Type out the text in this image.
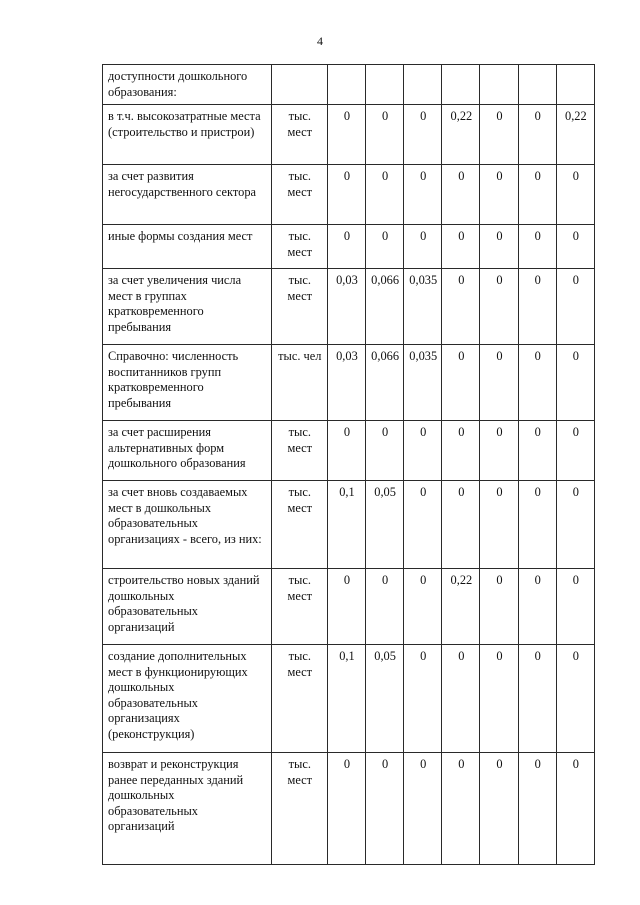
4
доступности дошкольного образования:								
в т.ч. высокозатратные места (строительство и пристрои)	тыс. мест	0	0	0	0,22	0	0	0,22
за счет развития негосударственного сектора	тыс. мест	0	0	0	0	0	0	0
иные формы создания мест	тыс. мест	0	0	0	0	0	0	0
за счет увеличения числа мест в группах кратковременного пребывания	тыс. мест	0,03	0,066	0,035	0	0	0	0
Справочно: численность воспитанников групп кратковременного пребывания	тыс. чел	0,03	0,066	0,035	0	0	0	0
за счет расширения альтернативных форм дошкольного образования	тыс. мест	0	0	0	0	0	0	0
за счет вновь создаваемых мест в дошкольных образовательных организациях - всего, из них:	тыс. мест	0,1	0,05	0	0	0	0	0
строительство новых зданий дошкольных образовательных организаций	тыс. мест	0	0	0	0,22	0	0	0
создание дополнительных мест в функционирующих дошкольных образовательных организациях (реконструкция)	тыс. мест	0,1	0,05	0	0	0	0	0
возврат и реконструкция ранее переданных зданий дошкольных образовательных организаций	тыс. мест	0	0	0	0	0	0	0
